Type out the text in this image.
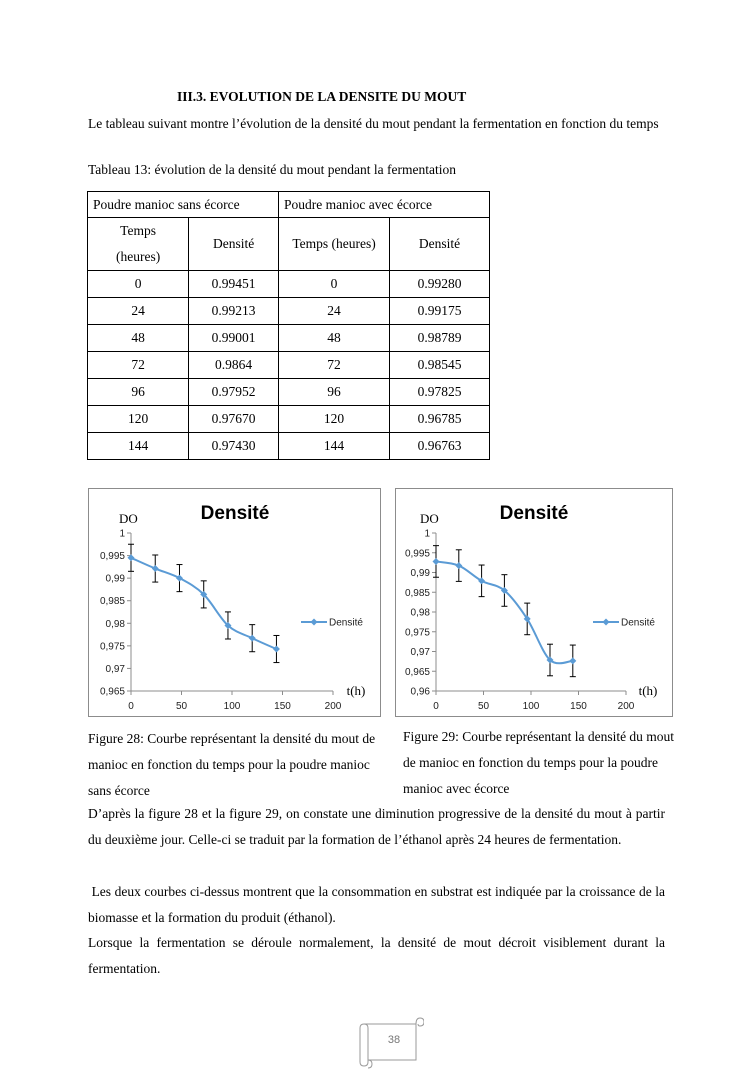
III.3. EVOLUTION DE LA DENSITE DU MOUT
Le tableau suivant montre l’évolution de la densité du mout pendant la fermentation en fonction du temps
Tableau 13: évolution de la densité du mout pendant la fermentation
Poudre manioc sans écorce		Poudre manioc avec écorce	
Temps (heures)	Densité	Temps (heures)	Densité
0	0.99451	0	0.99280
24	0.99213	24	0.99175
48	0.99001	48	0.98789
72	0.9864	72	0.98545
96	0.97952	96	0.97825
120	0.97670	120	0.96785
144	0.97430	144	0.96763
Densité
DO
t(h)
0,965
0,97
0,975
0,98
0,985
0,99
0,995
1
0	50	100	150	200
Densité
Densité
DO
t(h)
0,96
0,965
0,97
0,975
0,98
0,985
0,99
0,995
1
0	50	100	150	200
Densité
Figure 28: Courbe représentant la densité du mout de manioc en fonction du temps pour la poudre manioc sans écorce
Figure 29: Courbe représentant la densité du mout de manioc en fonction du temps pour la poudre manioc avec écorce
D’après la figure 28 et la figure 29, on constate une diminution progressive de la densité du mout à partir du deuxième jour. Celle-ci se traduit par la formation de l’éthanol après 24 heures de fermentation.
Les deux courbes ci-dessus montrent que la consommation en substrat est indiquée par la croissance de la biomasse et la formation du produit (éthanol).
Lorsque la fermentation se déroule normalement, la densité de mout décroit visiblement durant la fermentation.
38
